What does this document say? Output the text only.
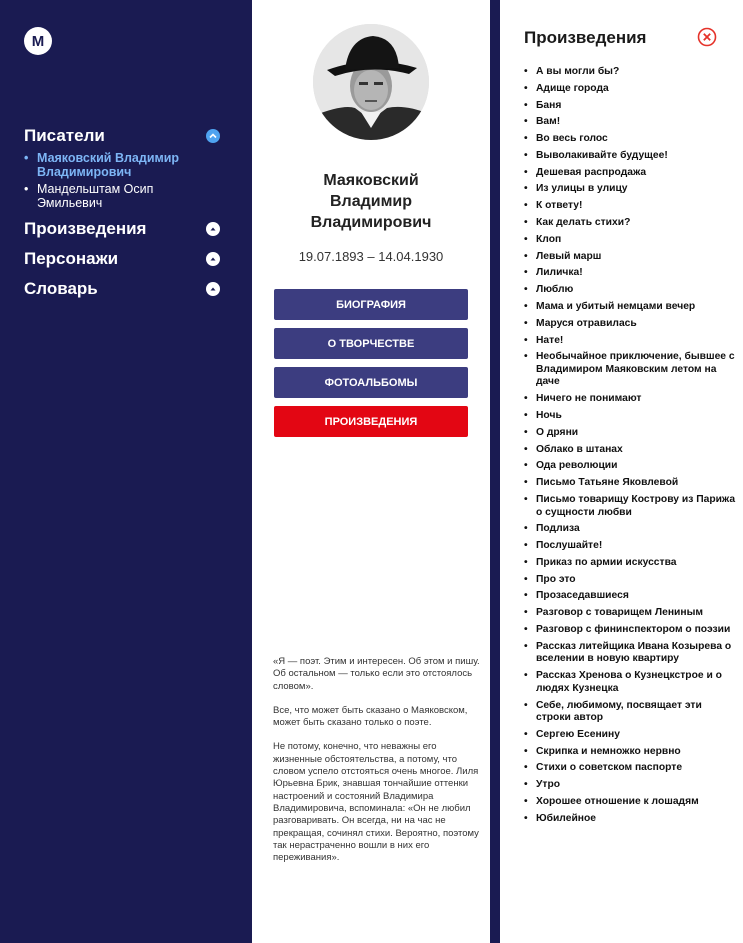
М
Писатели
• Маяковский Владимир Владимирович
• Мандельштам Осип Эмильевич
Произведения
Персонажи
Словарь
Маяковский Владимир Владимирович
19.07.1893 – 14.04.1930
БИОГРАФИЯ
О ТВОРЧЕСТВЕ
ФОТОАЛЬБОМЫ
ПРОИЗВЕДЕНИЯ

«Я — поэт. Этим и интересен. Об этом и пишу. Об остальном — только если это отстоялось словом».

Все, что может быть сказано о Маяковском, может быть сказано только о поэте.

Не потому, конечно, что неважны его жизненные обстоятельства, а потому, что словом успело отстояться очень многое. Лиля Юрьевна Брик, знавшая тончайшие оттенки настроений и состояний Владимира Владимировича, вспоминала: «Он не любил разговаривать. Он всегда, ни на час не прекращая, сочинял стихи. Вероятно, поэтому так нерастраченно вошли в них его переживания».

Произведения
• А вы могли бы?
• Адище города
• Баня
• Вам!
• Во весь голос
• Выволакивайте будущее!
• Дешевая распродажа
• Из улицы в улицу
• К ответу!
• Как делать стихи?
• Клоп
• Левый марш
• Лиличка!
• Люблю
• Мама и убитый немцами вечер
• Маруся отравилась
• Нате!
• Необычайное приключение, бывшее с Владимиром Маяковским летом на даче
• Ничего не понимают
• Ночь
• О дряни
• Облако в штанах
• Ода революции
• Письмо Татьяне Яковлевой
• Письмо товарищу Кострову из Парижа о сущности любви
• Подлиза
• Послушайте!
• Приказ по армии искусства
• Про это
• Прозаседавшиеся
• Разговор с товарищем Лениным
• Разговор с фининспектором о поэзии
• Рассказ литейщика Ивана Козырева о вселении в новую квартиру
• Рассказ Хренова о Кузнецкстрое и о людях Кузнецка
• Себе, любимому, посвящает эти строки автор
• Сергею Есенину
• Скрипка и немножко нервно
• Стихи о советском паспорте
• Утро
• Хорошее отношение к лошадям
• Юбилейное
